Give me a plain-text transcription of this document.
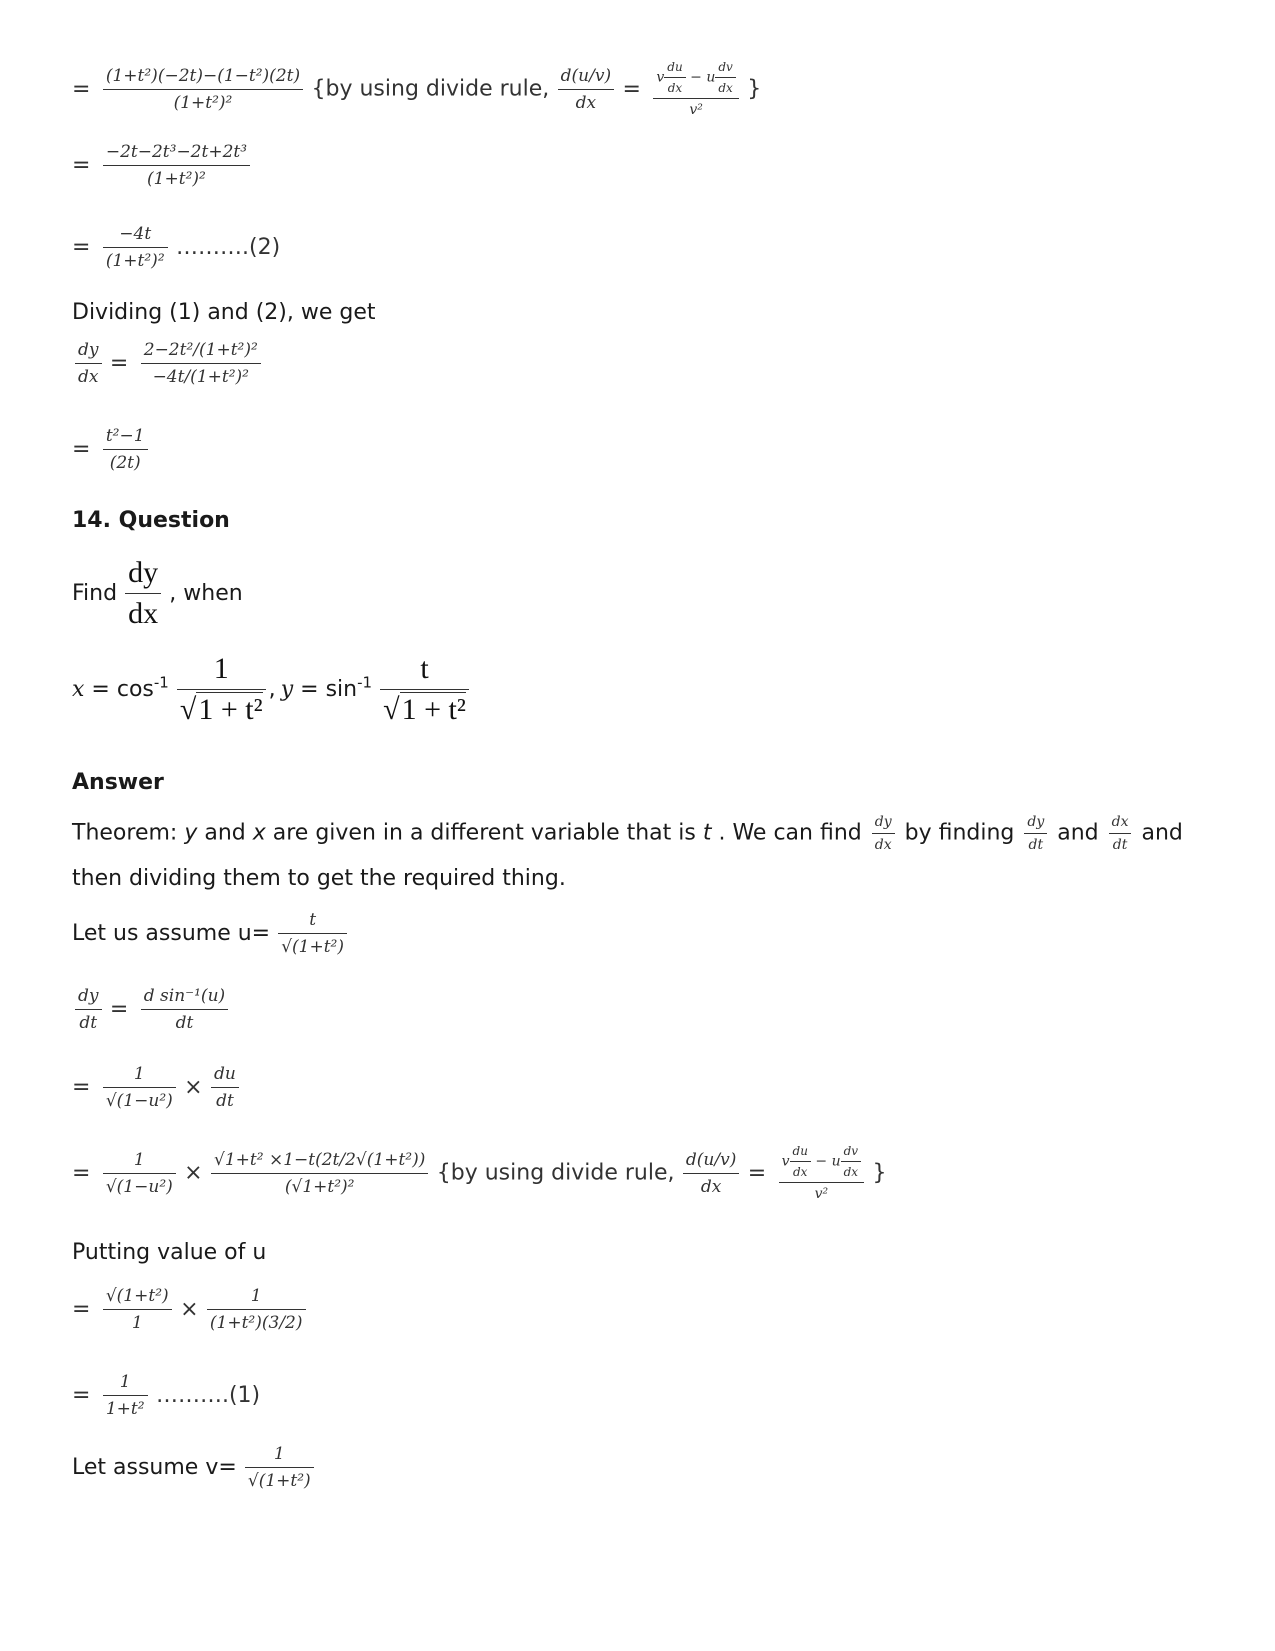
= $\frac{\text{(1+t²)(−2t)−(1−t²)(2t)}}{\text{(1+t²)²}} \{by$ using divide rule, $\frac{d(u/v)}{dx} = \frac{v \frac{du}{dx} - u \frac{dv}{dx}}{\text{v²}}$ }
= $\frac{\text{−2t−2t³−2t+2t³}}{\text{(1+t²)²}}$
= $\frac{-4t}{\text{(1+t²)²}}$ ……….(2)
Dividing (1) and (2), we get
$\frac{dy}{dx} = \frac{\text{2−2t²/(1+t²)²}}{\text{−4t/(1+t²)²}}$
= $\frac{\text{t²−1}}{(2t)}$
14. Question
Find $\frac{dy}{dx}$ , when
$x = \cos^{-1} \frac{1}{\text{√1 + t²}}$ , $y = \sin^{-1} \frac{t}{\text{√1 + t²}}$
Answer
Theorem: y and x are given in a different variable that is t . We can find $\frac{dy}{dx}$ by finding $\frac{dy}{dt}$ and $\frac{dx}{dt}$ and
then dividing them to get the required thing.
Let us assume $u= \frac{t}{\text{√(1+t²)}}$
$\frac{dy}{dt} = \frac{\text{d sin⁻¹(u)}}{dt}$
= $\frac{1}{\text{√(1−u²)}} \times \frac{du}{dt}$
= $\frac{1}{\text{√(1−u²)}} \times \frac{\text{√1+t² ×1−t(2t/2√(1+t²))}}{\text{(√1+t²)²}} \{by$ using divide rule, $\frac{d(u/v)}{dx} = \frac{v \frac{du}{dx} - u \frac{dv}{dx}}{\text{v²}}$ }
Putting value of u
= $\frac{\text{√(1+t²)}}{1} \times \frac{1}{\text{(1+t²)(3/2)}}$
= $\frac{1}{\text{1+t²}}$ ……….(1)
Let assume $v= \frac{1}{\text{√(1+t²)}}$
